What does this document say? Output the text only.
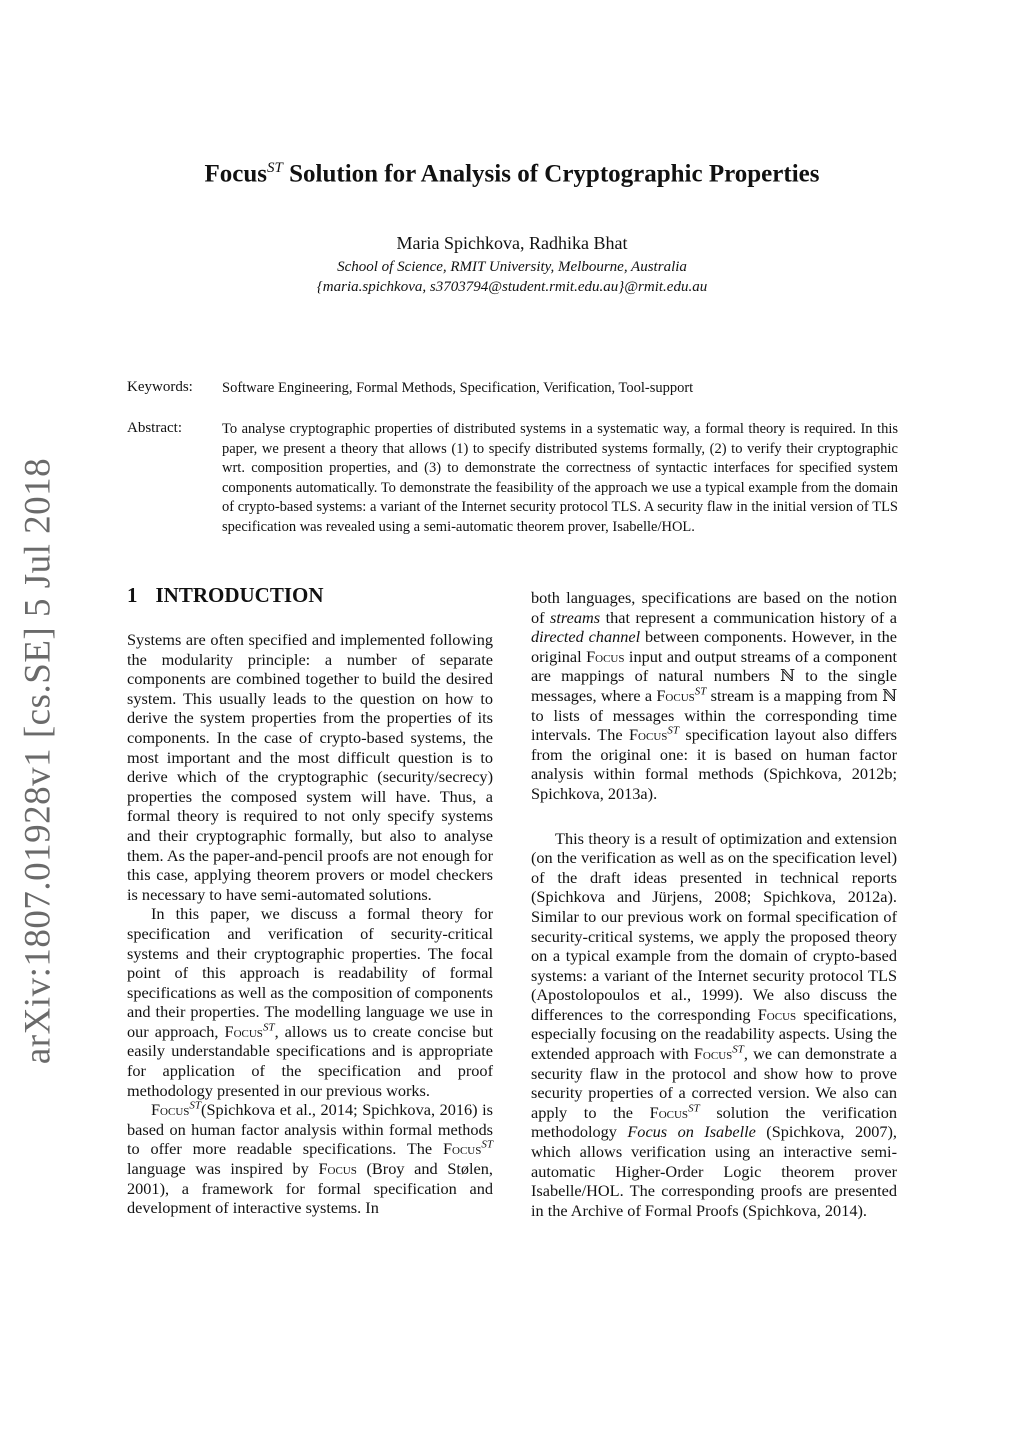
arXiv:1807.01928v1 [cs.SE] 5 Jul 2018
Focus$^{ST}$ Solution for Analysis of Cryptographic Properties
Maria Spichkova, Radhika Bhat
School of Science, RMIT University, Melbourne, Australia
{maria.spichkova, s3703794@student.rmit.edu.au}@rmit.edu.au
Keywords: Software Engineering, Formal Methods, Specification, Verification, Tool-support
Abstract:	To analyse cryptographic properties of distributed systems in a systematic way, a formal theory is required. In this paper, we present a theory that allows (1) to specify distributed systems formally, (2) to verify their cryptographic wrt. composition properties, and (3) to demonstrate the correctness of syntactic interfaces for specified system components automatically. To demonstrate the feasibility of the approach we use a typical example from the domain of crypto-based systems: a variant of the Internet security protocol TLS. A security flaw in the initial version of TLS specification was revealed using a semi-automatic theorem prover, Isabelle/HOL.
1 INTRODUCTION

Systems are often specified and implemented following the modularity principle: a number of separate components are combined together to build the desired system. This usually leads to the question on how to derive the system properties from the properties of its components. In the case of crypto-based systems, the most important and the most difficult question is to derive which of the cryptographic (security/secrecy) properties the composed system will have. Thus, a formal theory is required to not only specify systems and their cryptographic formally, but also to analyse them. As the paper-and-pencil proofs are not enough for this case, applying theorem provers or model checkers is necessary to have semi-automated solutions.

In this paper, we discuss a formal theory for specification and verification of security-critical systems and their cryptographic properties. The focal point of this approach is readability of formal specifications as well as the composition of components and their properties. The modelling language we use in our approach, Focus$^{ST}$, allows us to create concise but easily understandable specifications and is appropriate for application of the specification and proof methodology presented in our previous works.

Focus$^{ST}$(Spichkova et al., 2014; Spichkova, 2016) is based on human factor analysis within formal methods to offer more readable specifications. The Focus$^{ST}$ language was inspired by Focus (Broy and Stølen, 2001), a framework for formal specification and development of interactive systems. In

both languages, specifications are based on the notion of streams that represent a communication history of a directed channel between components. However, in the original Focus input and output streams of a component are mappings of natural numbers ℕ to the single messages, where a Focus$^{ST}$ stream is a mapping from ℕ to lists of messages within the corresponding time intervals. The Focus$^{ST}$ specification layout also differs from the original one: it is based on human factor analysis within formal methods (Spichkova, 2012b; Spichkova, 2013a).

This theory is a result of optimization and extension (on the verification as well as on the specification level) of the draft ideas presented in technical reports (Spichkova and Jürjens, 2008; Spichkova, 2012a). Similar to our previous work on formal specification of security-critical systems, we apply the proposed theory on a typical example from the domain of crypto-based systems: a variant of the Internet security protocol TLS (Apostolopoulos et al., 1999). We also discuss the differences to the corresponding Focus specifications, especially focusing on the readability aspects. Using the extended approach with Focus$^{ST}$, we can demonstrate a security flaw in the protocol and show how to prove security properties of a corrected version. We also can apply to the Focus$^{ST}$ solution the verification methodology Focus on Isabelle (Spichkova, 2007), which allows verification using an interactive semi-automatic Higher-Order Logic theorem prover Isabelle/HOL. The corresponding proofs are presented in the Archive of Formal Proofs (Spichkova, 2014).
